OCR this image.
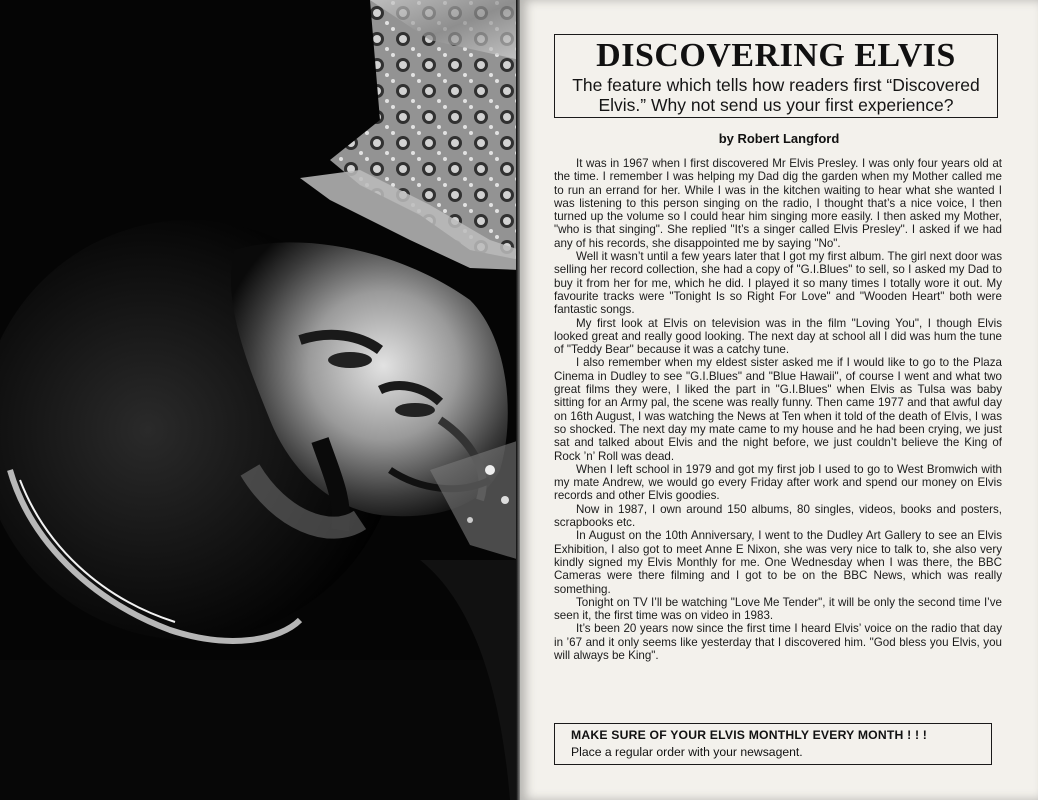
DISCOVERING ELVIS

The feature which tells how readers first “Discovered Elvis.” Why not send us your first experience?

by Robert Langford

It was in 1967 when I first discovered Mr Elvis Presley. I was only four years old at the time. I remember I was helping my Dad dig the garden when my Mother called me to run an errand for her. While I was in the kitchen waiting to hear what she wanted I was listening to this person singing on the radio, I thought that’s a nice voice, I then turned up the volume so I could hear him singing more easily. I then asked my Mother, "who is that singing". She replied "It’s a singer called Elvis Presley". I asked if we had any of his records, she disappointed me by saying "No".

Well it wasn’t until a few years later that I got my first album. The girl next door was selling her record collection, she had a copy of "G.I.Blues" to sell, so I asked my Dad to buy it from her for me, which he did. I played it so many times I totally wore it out. My favourite tracks were "Tonight Is so Right For Love" and "Wooden Heart" both were fantastic songs.

My first look at Elvis on television was in the film "Loving You", I though Elvis looked great and really good looking. The next day at school all I did was hum the tune of "Teddy Bear" because it was a catchy tune.

I also remember when my eldest sister asked me if I would like to go to the Plaza Cinema in Dudley to see "G.I.Blues" and "Blue Hawaii", of course I went and what two great films they were, I liked the part in "G.I.Blues" when Elvis as Tulsa was baby sitting for an Army pal, the scene was really funny. Then came 1977 and that awful day on 16th August, I was watching the News at Ten when it told of the death of Elvis, I was so shocked. The next day my mate came to my house and he had been crying, we just sat and talked about Elvis and the night before, we just couldn’t believe the King of Rock ’n’ Roll was dead.

When I left school in 1979 and got my first job I used to go to West Bromwich with my mate Andrew, we would go every Friday after work and spend our money on Elvis records and other Elvis goodies.

Now in 1987, I own around 150 albums, 80 singles, videos, books and posters, scrapbooks etc.

In August on the 10th Anniversary, I went to the Dudley Art Gallery to see an Elvis Exhibition, I also got to meet Anne E Nixon, she was very nice to talk to, she also very kindly signed my Elvis Monthly for me. One Wednesday when I was there, the BBC Cameras were there filming and I got to be on the BBC News, which was really something.

Tonight on TV I’ll be watching "Love Me Tender", it will be only the second time I’ve seen it, the first time was on video in 1983.

It’s been 20 years now since the first time I heard Elvis’ voice on the radio that day in ’67 and it only seems like yesterday that I discovered him. "God bless you Elvis, you will always be King".

MAKE SURE OF YOUR ELVIS MONTHLY EVERY MONTH ! ! !
Place a regular order with your newsagent.
